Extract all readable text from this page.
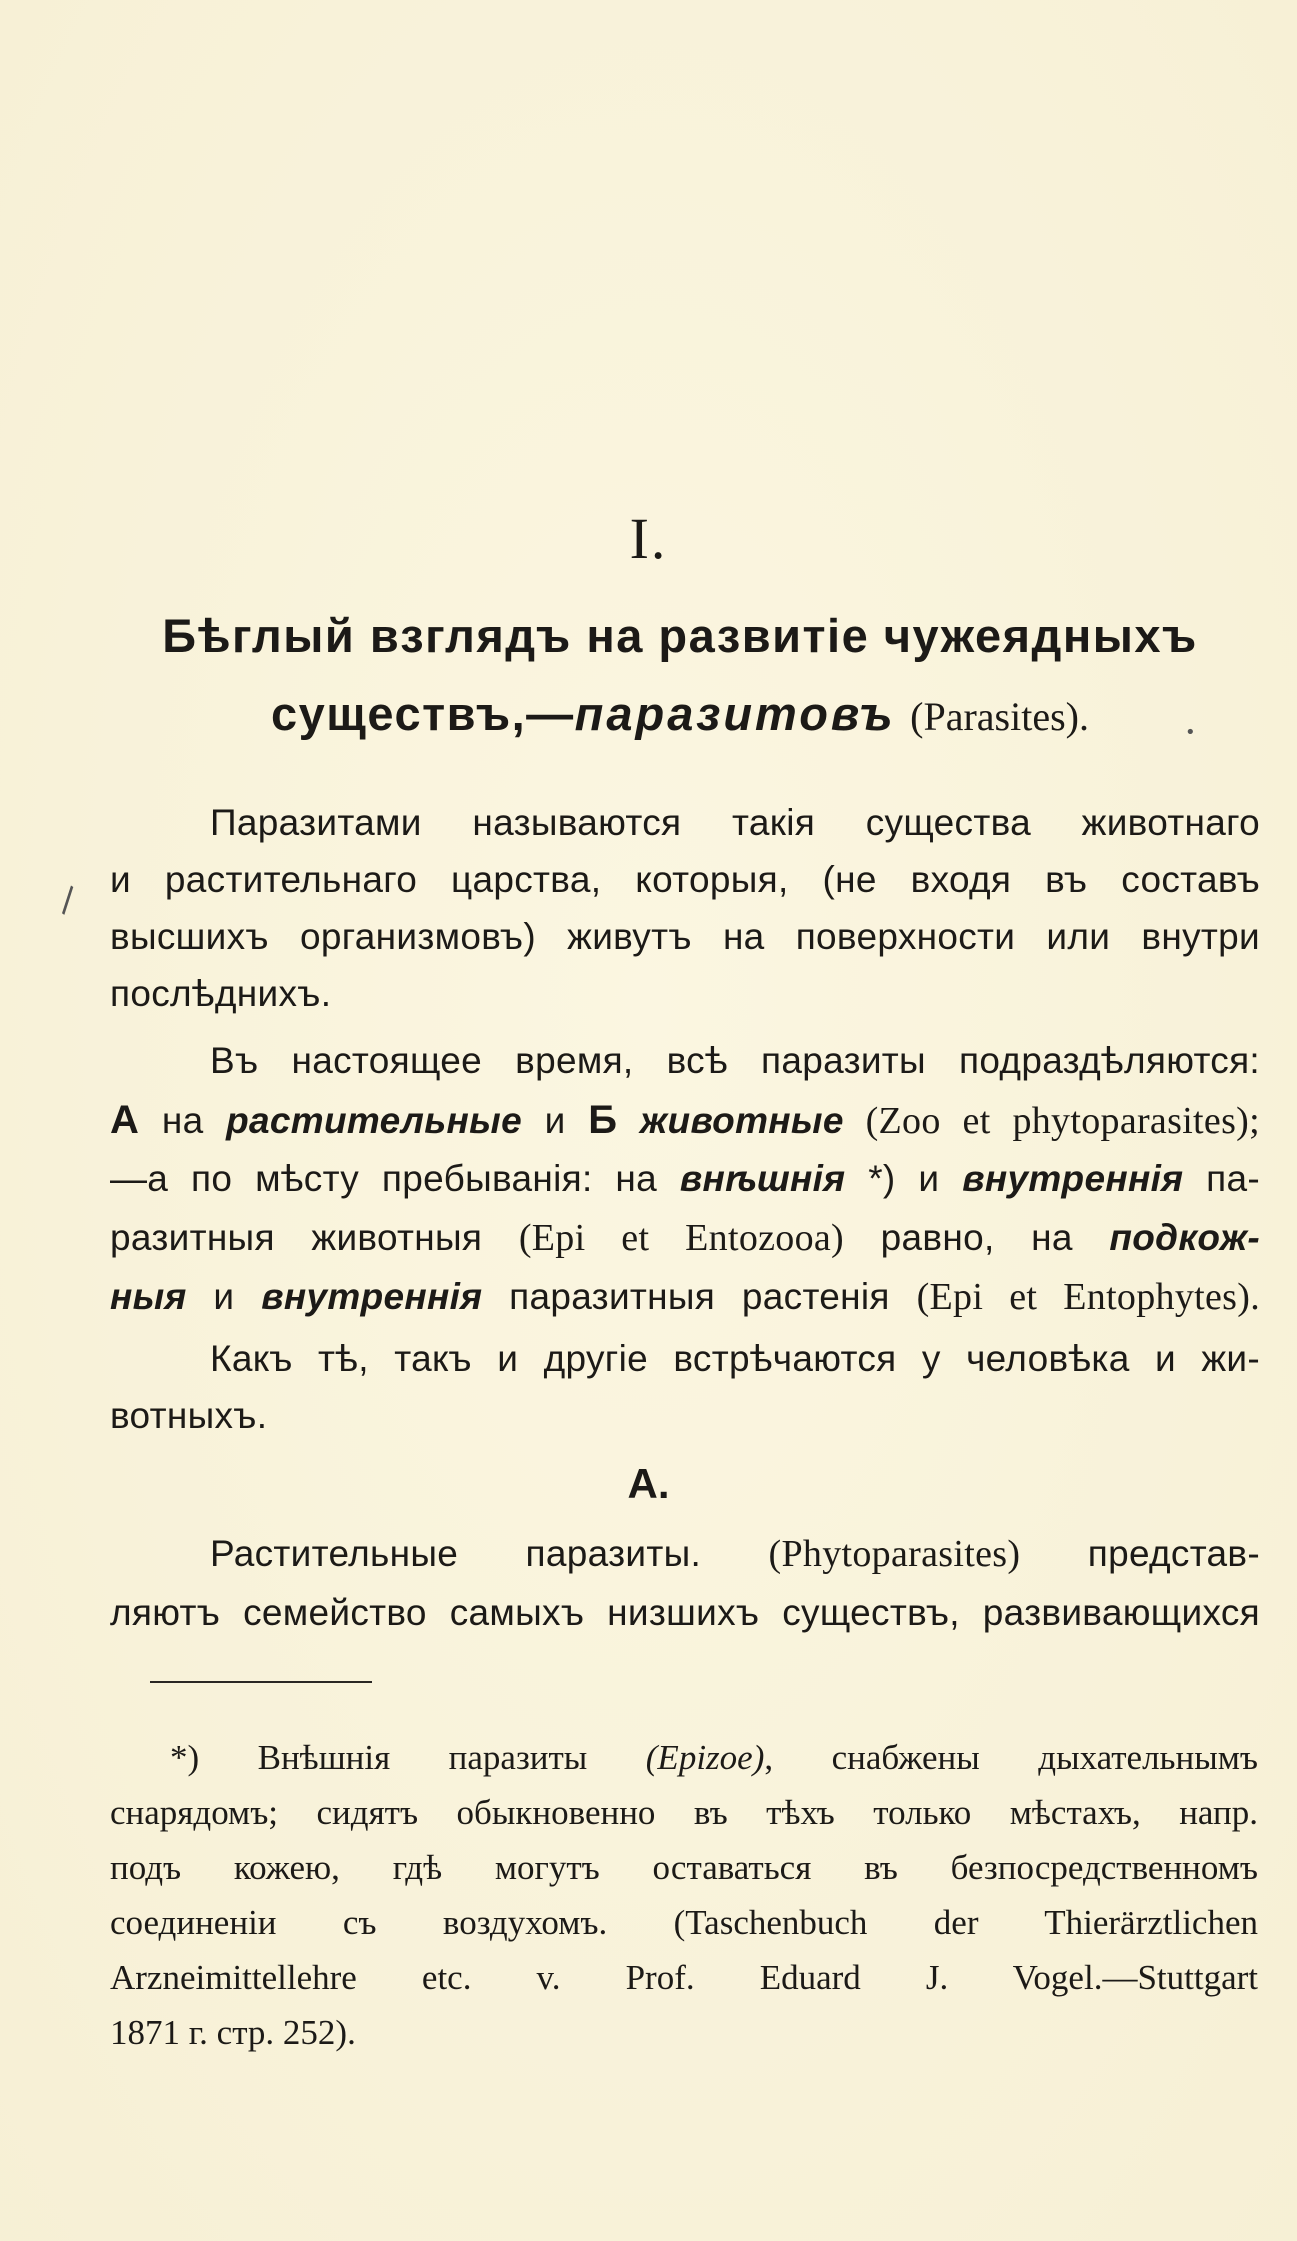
I.
Бѣглый взглядъ на развитіе чужеядныхъ
существъ,—паразитовъ (Parasites).
Паразитами называются такія существа животнаго
и растительнаго царства, которыя, (не входя въ составъ
высшихъ организмовъ) живутъ на поверхности или внутри
послѣднихъ.
Въ настоящее время, всѣ паразиты подраздѣляются:
A на растительные и Б животные (Zoo et phytoparasites);
—а по мѣсту пребыванія: на внѣшнія *) и внутреннія па-
разитныя животныя (Epi et Entozooa) равно, на подкож-
ныя и внутреннія паразитныя растенія (Epi et Entophytes).
Какъ тѣ, такъ и другіе встрѣчаются у человѣка и жи-
вотныхъ.
A.
Растительные паразиты. (Phytoparasites) представ-
ляютъ семейство самыхъ низшихъ существъ, развивающихся
*) Внѣшнія паразиты (Epizoe), снабжены дыхательнымъ
снарядомъ; сидятъ обыкновенно въ тѣхъ только мѣстахъ, напр.
подъ кожею, гдѣ могутъ оставаться въ безпосредственномъ
соединеніи съ воздухомъ. (Taschenbuch der Thierärztlichen
Arzneimittellehre etc. v. Prof. Eduard J. Vogel.—Stuttgart
1871 г. стр. 252).
\
•
